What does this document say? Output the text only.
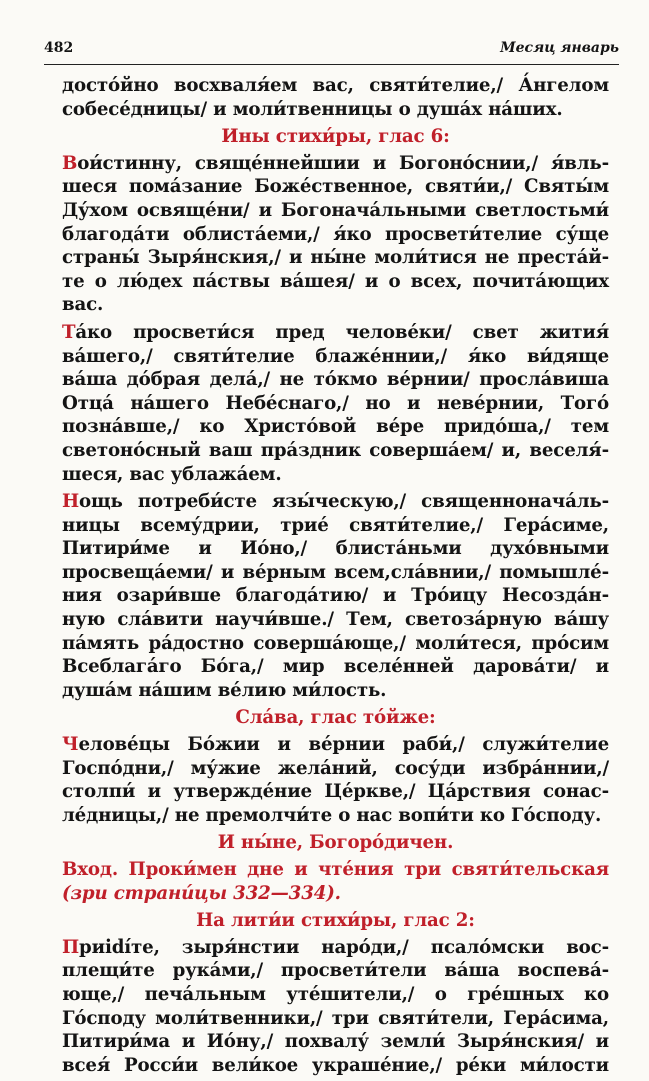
482	Месяц январь
досто́йно восхваля́ем вас, святи́телие,/ А́нгелом
собесе́дницы/ и моли́твенницы о душа́х на́ших.
Ины стихи́ры, глас 6:
Вои́стинну, свяще́ннейшии и Богоно́снии,/ я́вль-
шеся пома́зание Боже́ственное, святи́и,/ Святы́м
Ду́хом освяще́ни/ и Богонача́льными светлостьми́
благода́ти облиста́еми,/ я́ко просвети́телие су́ще
страны́ Зыря́нския,/ и ны́не моли́тися не преста́й-
те о лю́дех па́ствы ва́шея/ и о всех, почита́ющих
вас.
Та́ко просвети́ся пред челове́ки/ свет жития́
ва́шего,/ святи́телие блаже́ннии,/ я́ко ви́дяще
ва́ша до́брая дела́,/ не то́кмо ве́рнии/ просла́виша
Отца́ на́шего Небе́снаго,/ но и неве́рнии, Того́
позна́вше,/ ко Христо́вой ве́ре придо́ша,/ тем
светоно́сный ваш пра́здник соверша́ем/ и, веселя́-
шеся, вас ублажа́ем.
Нощь потреби́сте язы́ческую,/ священнонача́ль-
ницы всему́дрии, трие́ святи́телие,/ Гера́симе,
Питири́ме и Ио́но,/ блиста́ньми духо́вными
просвеща́еми/ и ве́рным всем,сла́внии,/ помышле́-
ния озари́вше благода́тию/ и Тро́ицу Несозда́н-
ную сла́вити научи́вше./ Тем, светоза́рную ва́шу
па́мять ра́достно соверша́юще,/ моли́теся, про́сим
Всеблага́го Бо́га,/ мир вселе́нней дарова́ти/ и
душа́м на́шим ве́лию ми́лость.
Сла́ва, глас то́йже:
Челове́цы Бо́жии и ве́рнии раби́,/ служи́телие
Госпо́дни,/ му́жие жела́ний, сосу́ди избра́ннии,/
столпи́ и утвержде́ние Це́ркве,/ Ца́рствия сонас-
ле́дницы,/ не премолчи́те о нас вопи́ти ко Го́споду.
И ны́не, Богоро́дичен.
Вход. Проки́мен дне и чте́ния три святи́тельская
(зри страни́цы 332—334).
На лити́и стихи́ры, глас 2:
Приidíте, зыря́нстии наро́ди,/ псало́мски вос-
плещи́те рука́ми,/ просвети́тели ва́ша воспева́-
юще,/ печа́льным уте́шители,/ о гре́шных ко
Го́споду моли́твенники,/ три святи́тели, Гера́сима,
Питири́ма и Ио́ну,/ похвалу́ земли́ Зыря́нския/ и
всея́ Росси́и вели́кое украше́ние,/ ре́ки ми́лости
